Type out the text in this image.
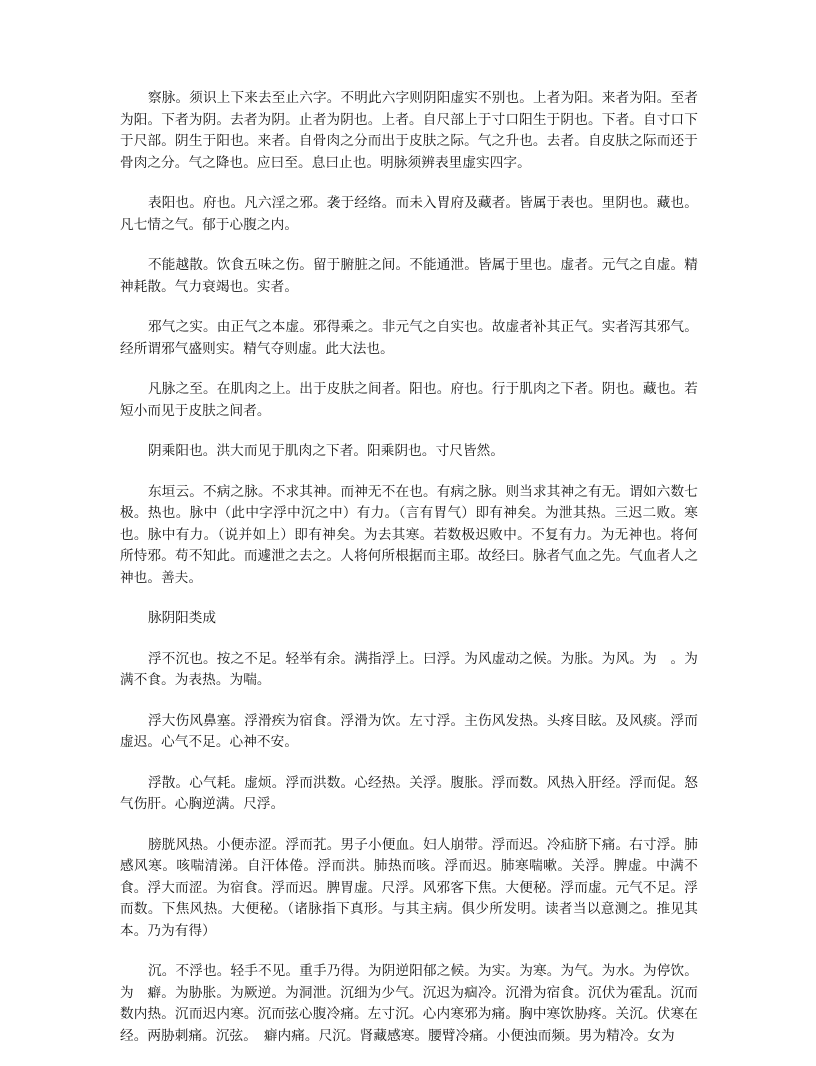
察脉。须识上下来去至止六字。不明此六字则阴阳虚实不别也。上者为阳。来者为阳。至者为阳。下者为阴。去者为阴。止者为阴也。上者。自尺部上于寸口阳生于阴也。下者。自寸口下于尺部。阴生于阳也。来者。自骨肉之分而出于皮肤之际。气之升也。去者。自皮肤之际而还于骨肉之分。气之降也。应曰至。息曰止也。明脉须辨表里虚实四字。

表阳也。府也。凡六淫之邪。袭于经络。而未入胃府及藏者。皆属于表也。里阴也。藏也。凡七情之气。郁于心腹之内。

不能越散。饮食五味之伤。留于腑脏之间。不能通泄。皆属于里也。虚者。元气之自虚。精神耗散。气力衰竭也。实者。

邪气之实。由正气之本虚。邪得乘之。非元气之自实也。故虚者补其正气。实者泻其邪气。经所谓邪气盛则实。精气夺则虚。此大法也。

凡脉之至。在肌肉之上。出于皮肤之间者。阳也。府也。行于肌肉之下者。阴也。藏也。若短小而见于皮肤之间者。

阴乘阳也。洪大而见于肌肉之下者。阳乘阴也。寸尺皆然。

东垣云。不病之脉。不求其神。而神无不在也。有病之脉。则当求其神之有无。谓如六数七极。热也。脉中（此中字浮中沉之中）有力。（言有胃气）即有神矣。为泄其热。三迟二败。寒也。脉中有力。（说并如上）即有神矣。为去其寒。若数极迟败中。不复有力。为无神也。将何所恃邪。苟不知此。而遽泄之去之。人将何所根据而主耶。故经曰。脉者气血之先。气血者人之神也。善夫。

脉阴阳类成

浮不沉也。按之不足。轻举有余。满指浮上。曰浮。为风虚动之候。为胀。为风。为　。为满不食。为表热。为喘。

浮大伤风鼻塞。浮滑疾为宿食。浮滑为饮。左寸浮。主伤风发热。头疼目眩。及风痰。浮而虚迟。心气不足。心神不安。

浮散。心气耗。虚烦。浮而洪数。心经热。关浮。腹胀。浮而数。风热入肝经。浮而促。怒气伤肝。心胸逆满。尺浮。

膀胱风热。小便赤涩。浮而芤。男子小便血。妇人崩带。浮而迟。冷疝脐下痛。右寸浮。肺感风寒。咳喘清涕。自汗体倦。浮而洪。肺热而咳。浮而迟。肺寒喘嗽。关浮。脾虚。中满不食。浮大而涩。为宿食。浮而迟。脾胃虚。尺浮。风邪客下焦。大便秘。浮而虚。元气不足。浮而数。下焦风热。大便秘。（诸脉指下真形。与其主病。俱少所发明。读者当以意测之。推见其本。乃为有得）

沉。不浮也。轻手不见。重手乃得。为阴逆阳郁之候。为实。为寒。为气。为水。为停饮。为　癖。为胁胀。为厥逆。为洞泄。沉细为少气。沉迟为痼冷。沉滑为宿食。沉伏为霍乱。沉而数内热。沉而迟内寒。沉而弦心腹冷痛。左寸沉。心内寒邪为痛。胸中寒饮胁疼。关沉。伏寒在经。两胁刺痛。沉弦。　癖内痛。尺沉。肾藏感寒。腰臂冷痛。小便浊而频。男为精冷。女为
